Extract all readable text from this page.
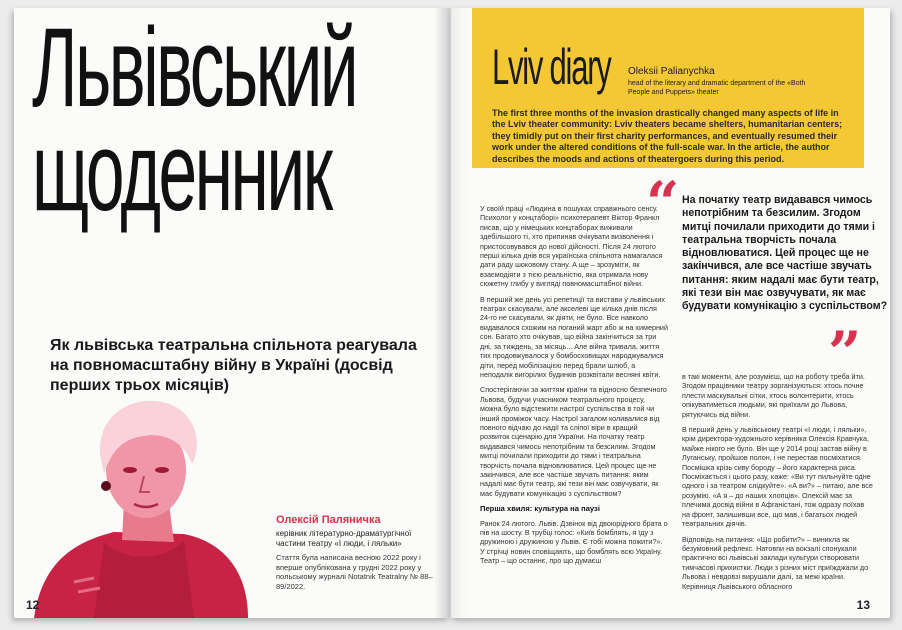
Львівський
щоденник
Як львівська театральна спільнота реагувала на повномасштабну війну в Україні (досвід перших трьох місяців)
Олексій Паляничка
керівник літературно-драматургічної частини театру «І люди, і ляльки»
Стаття була написана весною 2022 року і вперше опублікована у грудні 2022 року у польському журналі Notatnik Teatralny № 88–89/2022.
12
Lviv diary Oleksii Palianychka
head of the literary and dramatic department of the «Both People and Puppets» theater
The first three months of the invasion drastically changed many aspects of life in the Lviv theater community: Lviv theaters became shelters, humanitarian centers; they timidly put on their first charity performances, and eventually resumed their work under the altered conditions of the full-scale war. In the article, the author describes the moods and actions of theatergoers during this period.
“ На початку театр видавався чимось непотрібним та безсилим. Згодом митці почилали приходити до тями і театральна творчість почала відновлюватися. Цей процес ще не закінчився, але все частіше звучать питання: яким надалі має бути театр, які тези він має озвучувати, як має будувати комунікацію з суспільством?
”

У своїй праці «Людина в пошуках справжнього сенсу. Психолог у концтаборі» психотерапевт Віктор Франкл писав, що у німецьких концтаборах виживали здебільшого ті, хто припиняв очікувати визволення і пристосовувався до нової дійсності. Після 24 лютого перші кілька днів вся українська спільнота намагалася дати раду шоковому стану. А ще – зрозуміти, як взаємодіяти з тією реальністю, яка отримала нову сюжетну глибу у вигляді повномасштабної війни.

В перший же день усі репетиції та вистави у львівських театрах скасували, але акселеві ще кілька днів після 24-го не скасували, як діяти, не було. Все навколо видавалося схожим на поганий жарт або ж на химерний сон. Багато хто очікував, що війна закінчиться за три дні, за тиждень, за місяць... Але війна тривала, життя тих продовжувалося у бомбосховищах народжувалися діти, перед мобілізацією перед брали шлюб, а неподалік вигорілих будинків розквітали весняні квіти.

Спостерігаючи за життям країни та відносно безпечного Львова, будучи учасником театрального процесу, можна було відстежити настрої суспільства в той чи інший проміжок часу. Настрої загалом коливалися від повного відчаю до надії та сліпої віри в кращий розвиток сценарію для України. На початку театр видавався чимось непотрібним та безсилим. Згодом митці почилали приходити до тями і театральна творчість почала відновлюватися. Цей процес ще не закінчився, але все частіше звучать питання: яким надалі має бути театр, які тези він має озвучувати, як має будувати комунікацію з суспільством?

Перша хвиля: культура на паузі

Ранок 24 лютого. Львів. Дзвінок від двоюрідного брата о пів на шосту. В трубці голос: «Київ бомблять, я їду з дружиною і дружиною у Львів. Є тобі можна пожити?». У стрічці новин сповіщають, що бомблять всю Україну. Театр – що останнє, про що думаєш

в такі моменти, але розумієш, що на роботу треба йти. Згодом працівники театру зорганізуються: хтось почне плести маскувальні сітки, хтось волонтерити, хтось опікуватиметься людьми, які приїхали до Львова, рятуючись від війни.

В перший день у львівському театрі «І люди, і ляльки», крім директора-художнього керівника Олексія Кравчука, майже нікого не було. Він ще у 2014 році застав війну в Луганську, пройшов полон, і не перестав посміхатися. Посмішка крізь сиву бороду – його характерна риса. Посміхається і цього разу, каже: «Ви тут пильнуйте одне одного і за театром слідкуйте». «А ви?» – питаю, але все розумію. «А я – до наших хлопців». Олексій має за плечима досвід війни в Афганістані, тож одразу поїхав на фронт, залишивши все, що мав, і багатьох людей театральних діячів.

Відповідь на питання: «Що робити?» – виникла як безумовний рефлекс. Натовпи на вокзалі спонукали практично всі львівські заклади культури створювати тимчасові прихистки. Люди з різних міст приїжджали до Львова і невдовзі вирушали далі, за межі країни. Керівниця Львівського обласного

13
